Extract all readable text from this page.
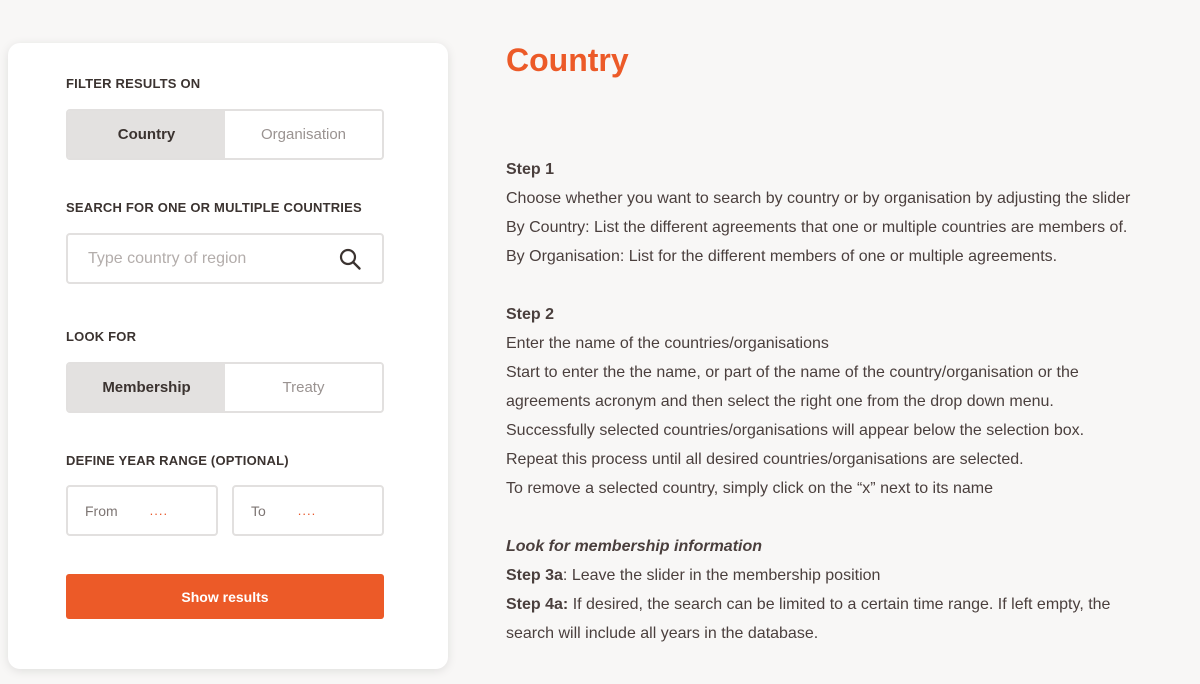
FILTER RESULTS ON
Country	Organisation
SEARCH FOR ONE OR MULTIPLE COUNTRIES
Type country of region
LOOK FOR
Membership	Treaty
DEFINE YEAR RANGE (OPTIONAL)
From ....	To ....
Show results
Country
Step 1
Choose whether you want to search by country or by organisation by adjusting the slider
By Country: List the different agreements that one or multiple countries are members of.
By Organisation: List for the different members of one or multiple agreements.
Step 2
Enter the name of the countries/organisations
Start to enter the the name, or part of the name of the country/organisation or the
agreements acronym and then select the right one from the drop down menu.
Successfully selected countries/organisations will appear below the selection box.
Repeat this process until all desired countries/organisations are selected.
To remove a selected country, simply click on the “x” next to its name
Look for membership information
Step 3a: Leave the slider in the membership position
Step 4a: If desired, the search can be limited to a certain time range. If left empty, the
search will include all years in the database.
